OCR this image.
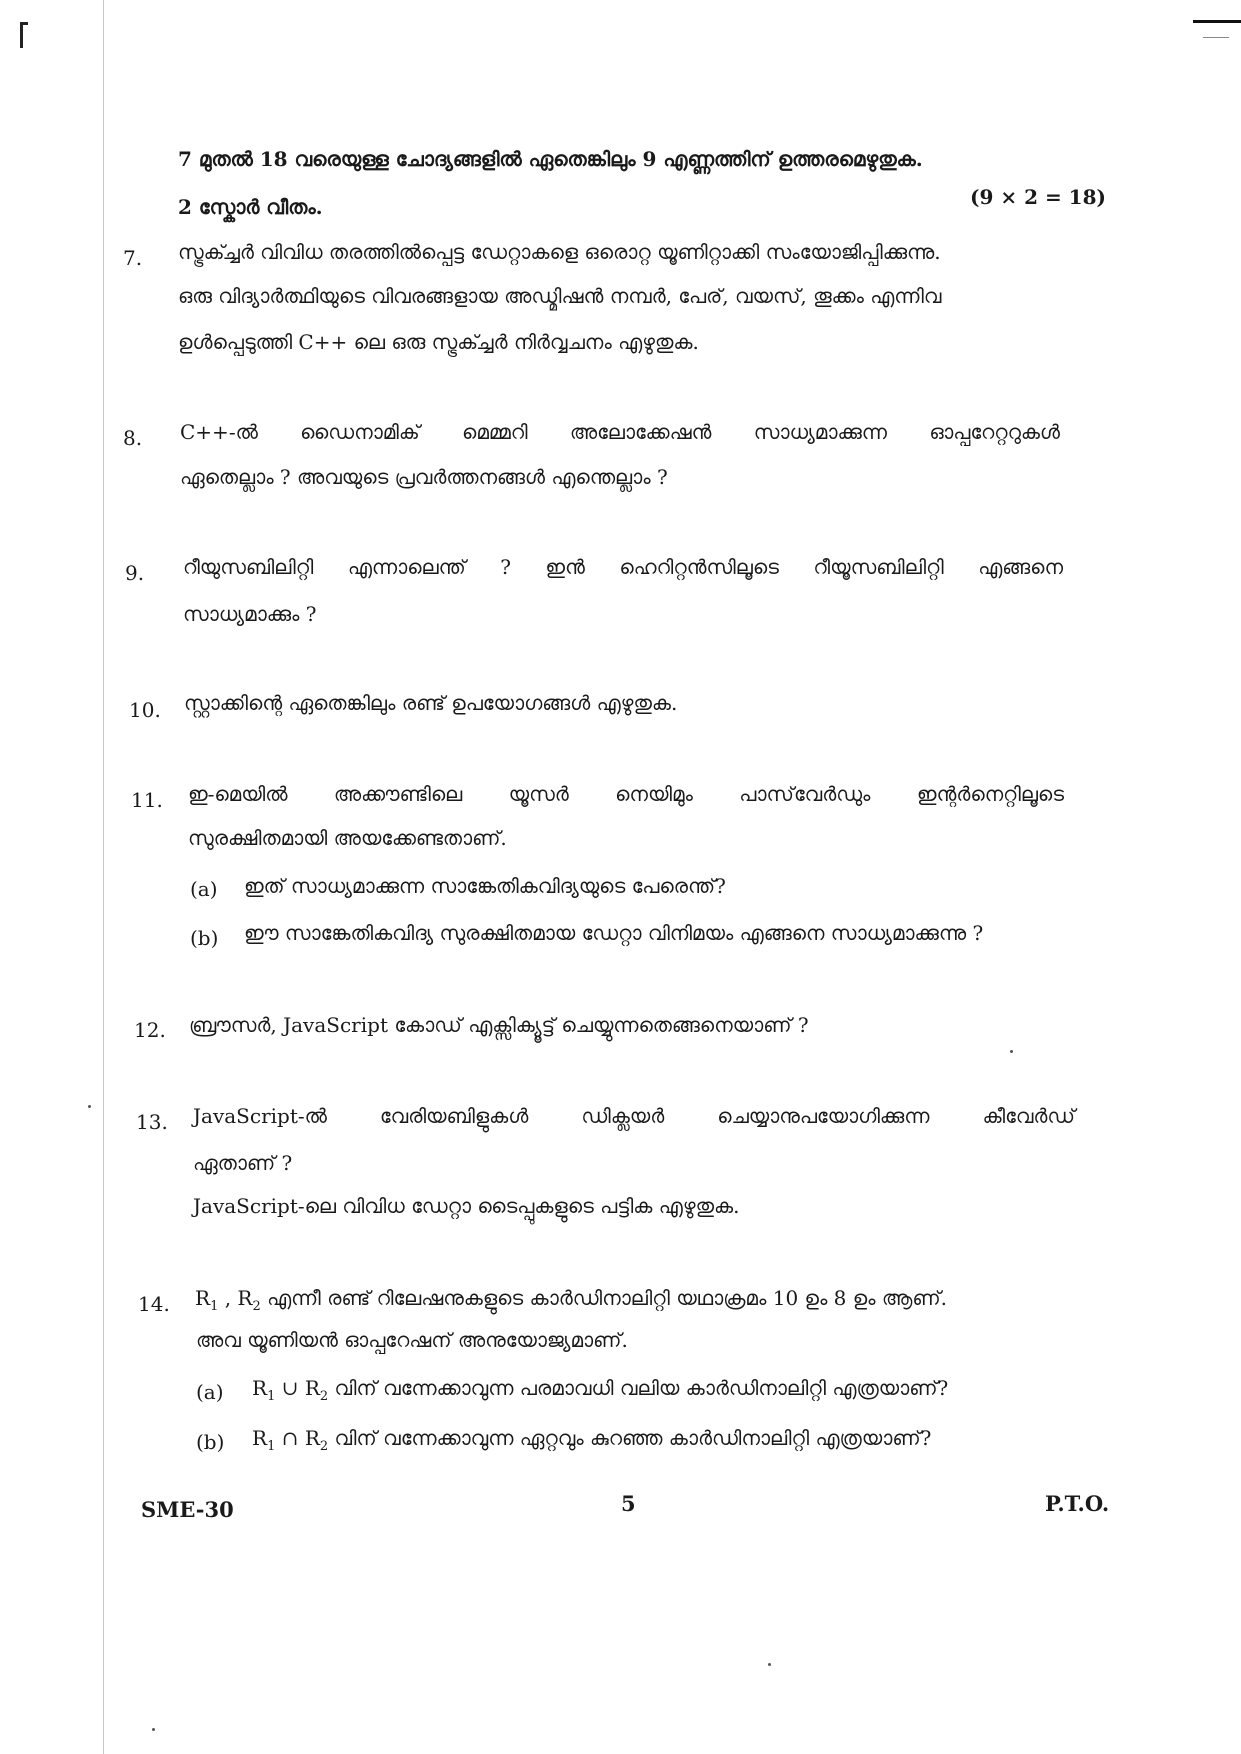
7 മുതൽ 18 വരെയുള്ള ചോദ്യങ്ങളിൽ ഏതെങ്കിലും 9 എണ്ണത്തിന് ഉത്തരമെഴുതുക.
2 സ്കോർ വീതം.	(9 × 2 = 18)
7. സ്ട്രക്ച്ചർ വിവിധ തരത്തിൽപ്പെട്ട ഡേറ്റാകളെ ഒരൊറ്റ യൂണിറ്റാക്കി സംയോജിപ്പിക്കുന്നു.
ഒരു വിദ്യാർത്ഥിയുടെ വിവരങ്ങളായ അഡ്മിഷൻ നമ്പർ, പേര്, വയസ്, തൂക്കം എന്നിവ
ഉൾപ്പെടുത്തി C++ ലെ ഒരു സ്ട്രക്ച്ചർ നിർവ്വചനം എഴുതുക.
8. C++-ൽ ഡൈനാമിക് മെമ്മറി അലോക്കേഷൻ സാധ്യമാക്കുന്ന ഓപ്പറേറ്ററുകൾ
ഏതെല്ലാം ? അവയുടെ പ്രവർത്തനങ്ങൾ എന്തെല്ലാം ?
9. റീയുസബിലിറ്റി എന്നാലെന്ത് ? ഇൻ ഹെറിറ്റൻസിലൂടെ റീയൂസബിലിറ്റി എങ്ങനെ
സാധ്യമാക്കും ?
10. സ്റ്റാക്കിന്റെ ഏതെങ്കിലും രണ്ട് ഉപയോഗങ്ങൾ എഴുതുക.
11. ഇ-മെയിൽ അക്കൗണ്ടിലെ യൂസർ നെയിമും പാസ്‌വേർഡും ഇന്റർനെറ്റിലൂടെ
സുരക്ഷിതമായി അയക്കേണ്ടതാണ്.
(a) ഇത് സാധ്യമാക്കുന്ന സാങ്കേതികവിദ്യയുടെ പേരെന്ത്?
(b) ഈ സാങ്കേതികവിദ്യ സുരക്ഷിതമായ ഡേറ്റാ വിനിമയം എങ്ങനെ സാധ്യമാക്കുന്നു ?
12. ബ്രൗസർ, JavaScript കോഡ് എക്സിക്യൂട്ട് ചെയ്യുന്നതെങ്ങനെയാണ് ?
13. JavaScript-ൽ വേരിയബിളുകൾ ഡിക്ലയർ ചെയ്യാനുപയോഗിക്കുന്ന കീവേർഡ്
ഏതാണ് ?
JavaScript-ലെ വിവിധ ഡേറ്റാ ടൈപ്പുകളുടെ പട്ടിക എഴുതുക.
14. $R_1$ , $R_2$ എന്നീ രണ്ട് റിലേഷനുകളുടെ കാർഡിനാലിറ്റി യഥാക്രമം 10 ഉം 8 ഉം ആണ്.
അവ യൂണിയൻ ഓപ്പറേഷന് അനുയോജ്യമാണ്.
(a) $R_1$ ∪ $R_2$ വിന് വന്നേക്കാവുന്ന പരമാവധി വലിയ കാർഡിനാലിറ്റി എത്രയാണ്?
(b) $R_1$ ∩ $R_2$ വിന് വന്നേക്കാവുന്ന ഏറ്റവും കുറഞ്ഞ കാർഡിനാലിറ്റി എത്രയാണ്?
SME-30	5	P.T.O.
